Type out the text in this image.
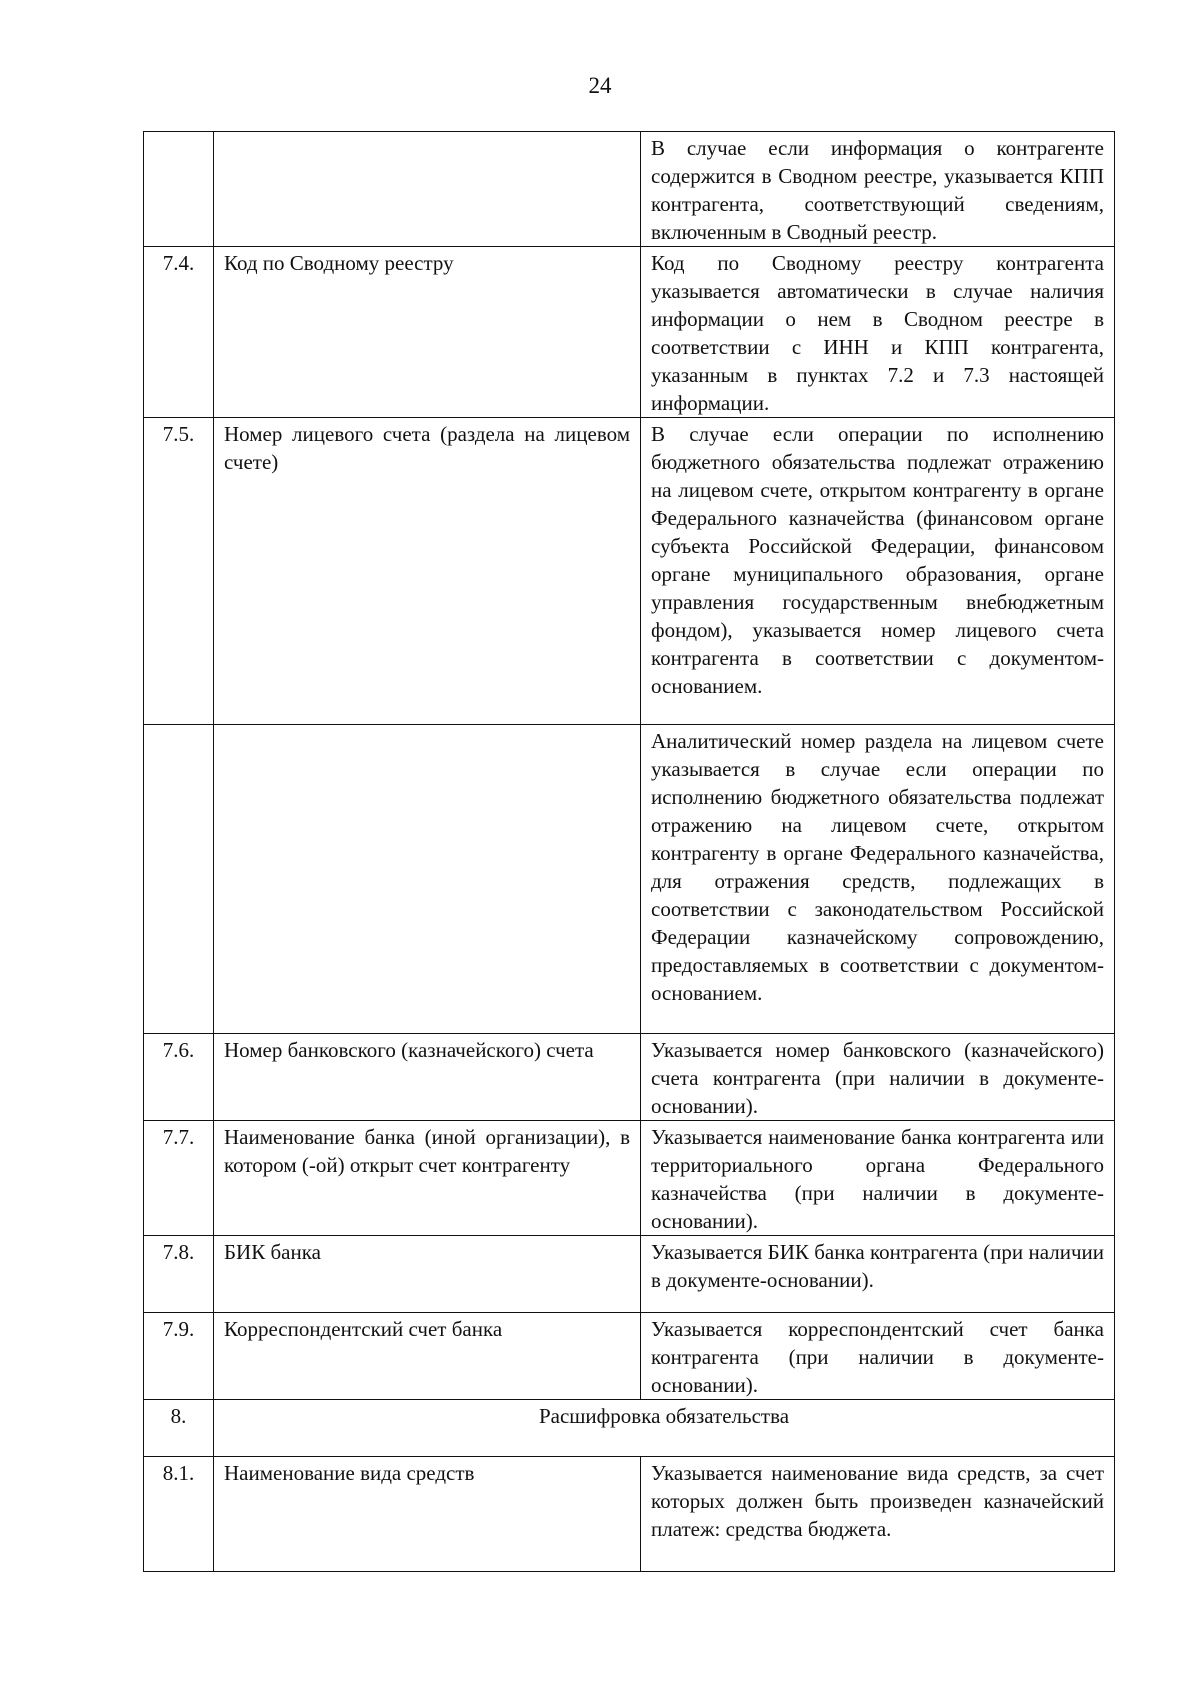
24
		В случае если информация о контрагенте содержится в Сводном реестре, указывается КПП контрагента, соответствующий сведениям, включенным в Сводный реестр.
7.4.	Код по Сводному реестру	Код по Сводному реестру контрагента указывается автоматически в случае наличия информации о нем в Сводном реестре в соответствии с ИНН и КПП контрагента, указанным в пунктах 7.2 и 7.3 настоящей информации.
7.5.	Номер лицевого счета (раздела на лицевом счете)	В случае если операции по исполнению бюджетного обязательства подлежат отражению на лицевом счете, открытом контрагенту в органе Федерального казначейства (финансовом органе субъекта Российской Федерации, финансовом органе муниципального образования, органе управления государственным внебюджетным фондом), указывается номер лицевого счета контрагента в соответствии с документом-основанием.
		Аналитический номер раздела на лицевом счете указывается в случае если операции по исполнению бюджетного обязательства подлежат отражению на лицевом счете, открытом контрагенту в органе Федерального казначейства, для отражения средств, подлежащих в соответствии с законодательством Российской Федерации казначейскому сопровождению, предоставляемых в соответствии с документом-основанием.
7.6.	Номер банковского (казначейского) счета	Указывается номер банковского (казначейского) счета контрагента (при наличии в документе-основании).
7.7.	Наименование банка (иной организации), в котором (-ой) открыт счет контрагенту	Указывается наименование банка контрагента или территориального органа Федерального казначейства (при наличии в документе-основании).
7.8.	БИК банка	Указывается БИК банка контрагента (при наличии в документе-основании).
7.9.	Корреспондентский счет банка	Указывается корреспондентский счет банка контрагента (при наличии в документе-основании).
8.	Расшифровка обязательства	
8.1.	Наименование вида средств	Указывается наименование вида средств, за счет которых должен быть произведен казначейский платеж: средства бюджета.
